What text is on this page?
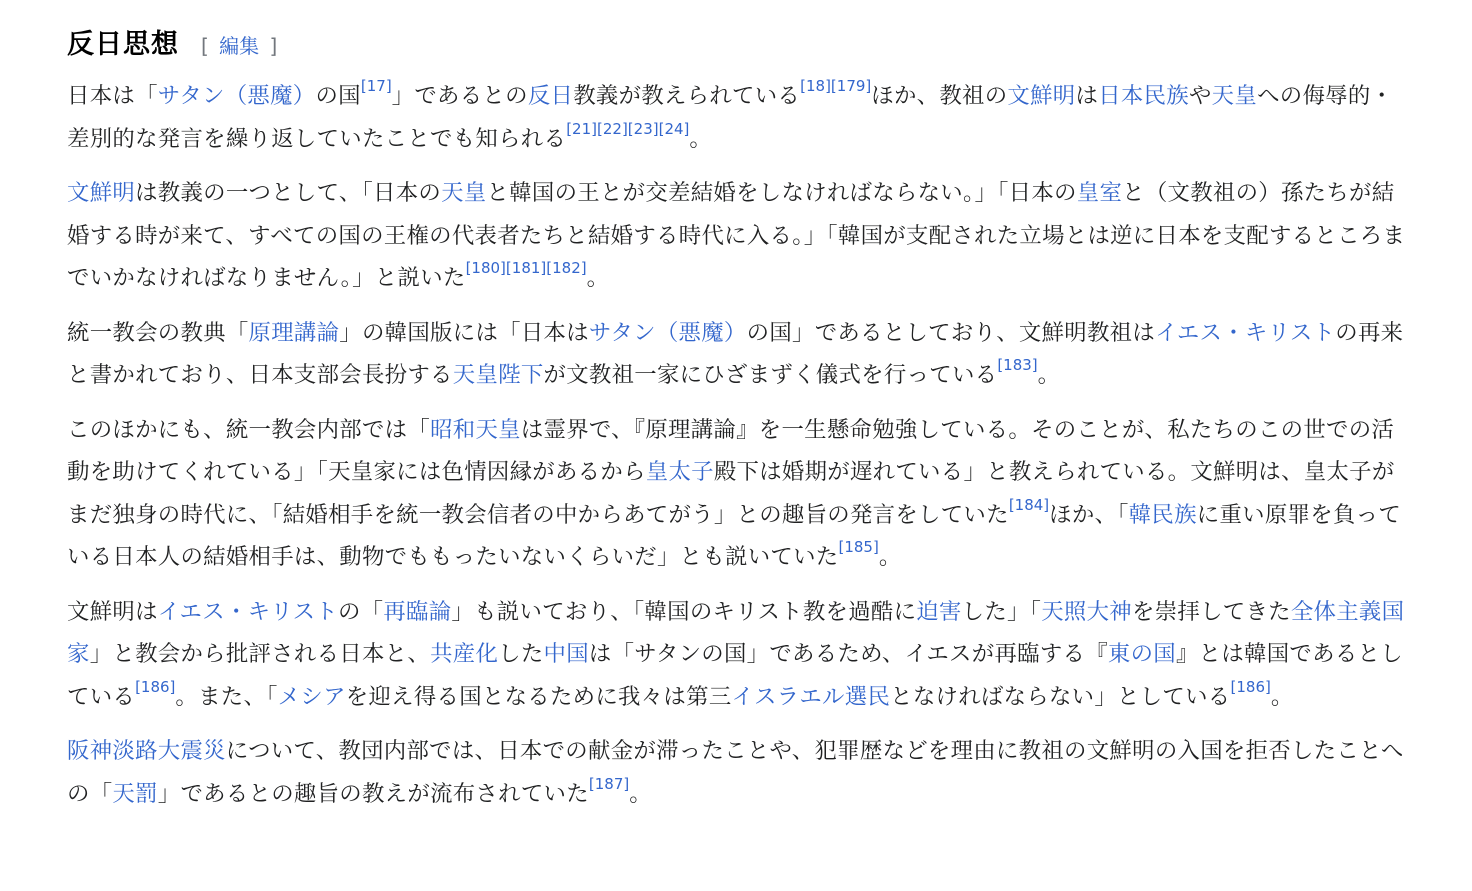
反日思想 [ 編集 ]

日本は「サタン（悪魔）の国[17]」であるとの反日教義が教えられている[18][179]ほか、教祖の文鮮明は日本民族や天皇への侮辱的・差別的な発言を繰り返していたことでも知られる[21][22][23][24]。

文鮮明は教義の一つとして、「日本の天皇と韓国の王とが交差結婚をしなければならない。」「日本の皇室と（文教祖の）孫たちが結婚する時が来て、すべての国の王権の代表者たちと結婚する時代に入る。」「韓国が支配された立場とは逆に日本を支配するところまでいかなければなりません。」と説いた[180][181][182]。

統一教会の教典「原理講論」の韓国版には「日本はサタン（悪魔）の国」であるとしており、文鮮明教祖はイエス・キリストの再来と書かれており、日本支部会長扮する天皇陛下が文教祖一家にひざまずく儀式を行っている[183]。

このほかにも、統一教会内部では「昭和天皇は霊界で、『原理講論』を一生懸命勉強している。そのことが、私たちのこの世での活動を助けてくれている」「天皇家には色情因縁があるから皇太子殿下は婚期が遅れている」と教えられている。文鮮明は、皇太子がまだ独身の時代に、「結婚相手を統一教会信者の中からあてがう」との趣旨の発言をしていた[184]ほか、「韓民族に重い原罪を負っている日本人の結婚相手は、動物でももったいないくらいだ」とも説いていた[185]。

文鮮明はイエス・キリストの「再臨論」も説いており、「韓国のキリスト教を過酷に迫害した」「天照大神を崇拝してきた全体主義国家」と教会から批評される日本と、共産化した中国は「サタンの国」であるため、イエスが再臨する『東の国』とは韓国であるとしている[186]。また、「メシアを迎え得る国となるために我々は第三イスラエル選民となければならない」としている[186]。

阪神淡路大震災について、教団内部では、日本での献金が滞ったことや、犯罪歴などを理由に教祖の文鮮明の入国を拒否したことへの「天罰」であるとの趣旨の教えが流布されていた[187]。
